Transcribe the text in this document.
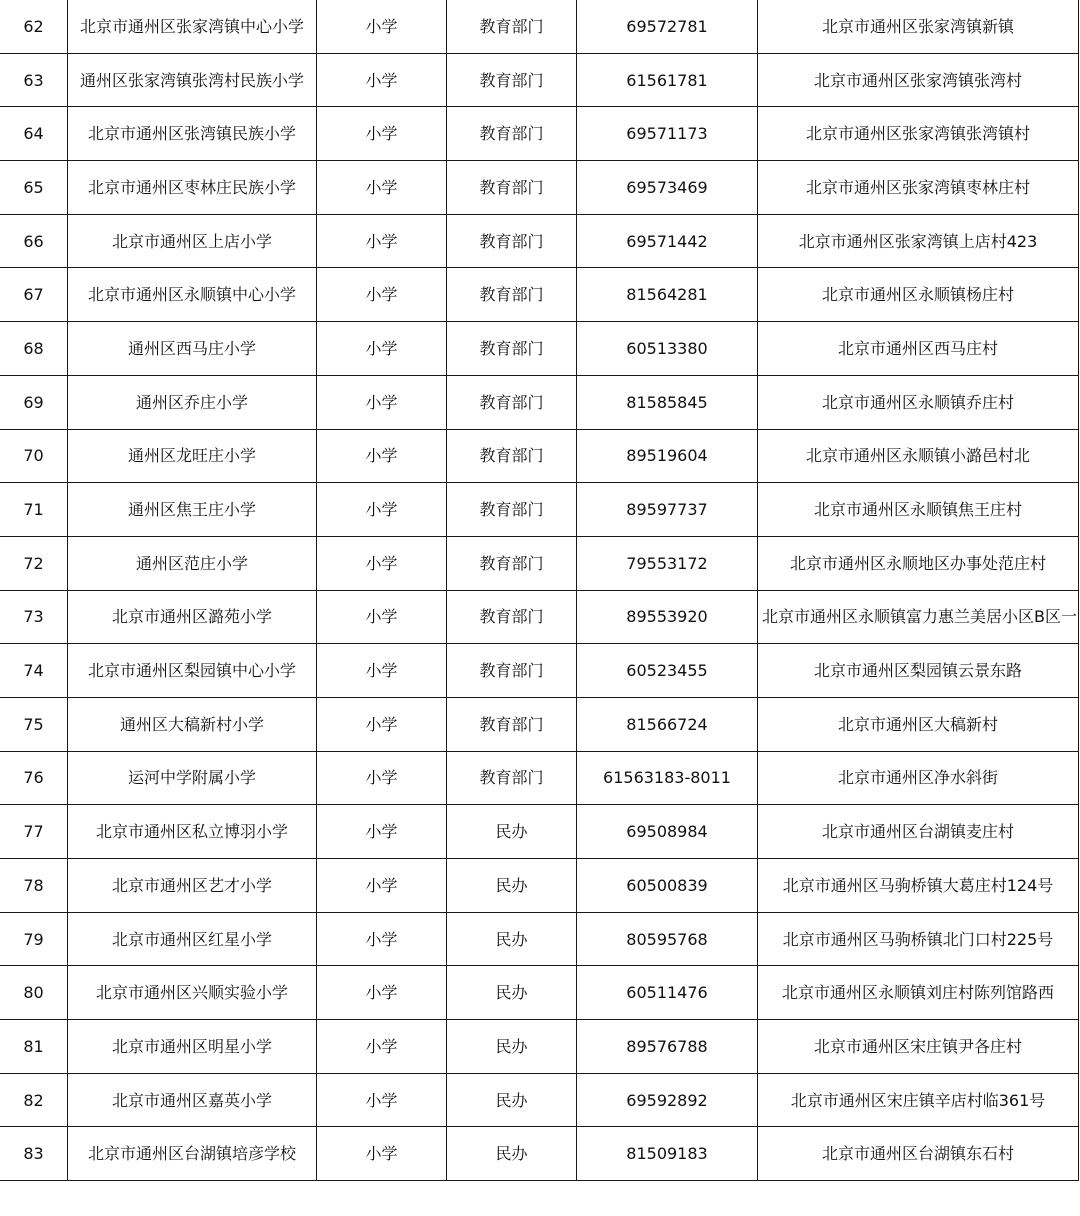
62	北京市通州区张家湾镇中心小学	小学	教育部门	69572781	北京市通州区张家湾镇新镇

63	通州区张家湾镇张湾村民族小学	小学	教育部门	61561781	北京市通州区张家湾镇张湾村

64	北京市通州区张湾镇民族小学	小学	教育部门	69571173	北京市通州区张家湾镇张湾镇村

65	北京市通州区枣林庄民族小学	小学	教育部门	69573469	北京市通州区张家湾镇枣林庄村

66	北京市通州区上店小学	小学	教育部门	69571442	北京市通州区张家湾镇上店村423

67	北京市通州区永顺镇中心小学	小学	教育部门	81564281	北京市通州区永顺镇杨庄村

68	通州区西马庄小学	小学	教育部门	60513380	北京市通州区西马庄村

69	通州区乔庄小学	小学	教育部门	81585845	北京市通州区永顺镇乔庄村

70	通州区龙旺庄小学	小学	教育部门	89519604	北京市通州区永顺镇小潞邑村北

71	通州区焦王庄小学	小学	教育部门	89597737	北京市通州区永顺镇焦王庄村

72	通州区范庄小学	小学	教育部门	79553172	北京市通州区永顺地区办事处范庄村

73	北京市通州区潞苑小学	小学	教育部门	89553920	北京市通州区永顺镇富力惠兰美居小区B区一

74	北京市通州区梨园镇中心小学	小学	教育部门	60523455	北京市通州区梨园镇云景东路

75	通州区大稿新村小学	小学	教育部门	81566724	北京市通州区大稿新村

76	运河中学附属小学	小学	教育部门	61563183-8011	北京市通州区净水斜街

77	北京市通州区私立博羽小学	小学	民办	69508984	北京市通州区台湖镇麦庄村

78	北京市通州区艺才小学	小学	民办	60500839	北京市通州区马驹桥镇大葛庄村124号

79	北京市通州区红星小学	小学	民办	80595768	北京市通州区马驹桥镇北门口村225号

80	北京市通州区兴顺实验小学	小学	民办	60511476	北京市通州区永顺镇刘庄村陈列馆路西

81	北京市通州区明星小学	小学	民办	89576788	北京市通州区宋庄镇尹各庄村

82	北京市通州区嘉英小学	小学	民办	69592892	北京市通州区宋庄镇辛店村临361号

83	北京市通州区台湖镇培彦学校	小学	民办	81509183	北京市通州区台湖镇东石村
